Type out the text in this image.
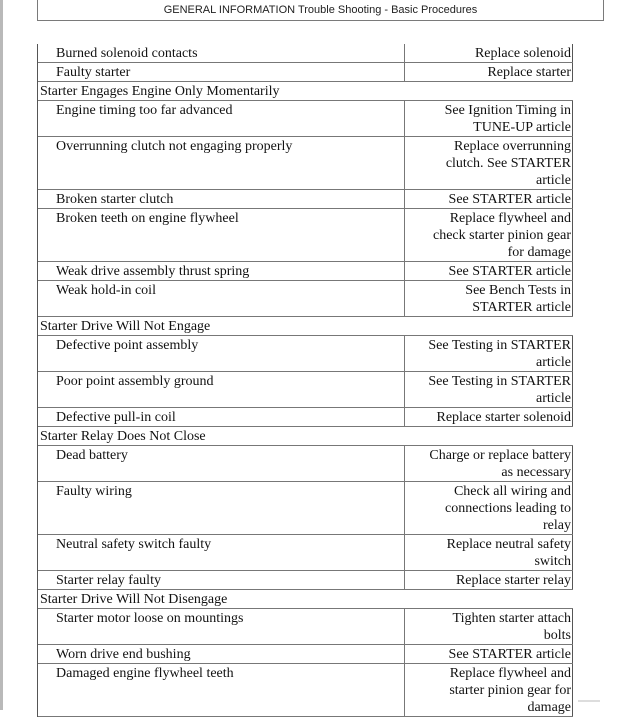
GENERAL INFORMATION Trouble Shooting - Basic Procedures
Burned solenoid contacts	Replace solenoid
Faulty starter	Replace starter
Starter Engages Engine Only Momentarily
Engine timing too far advanced	See Ignition Timing in
TUNE-UP article
Overrunning clutch not engaging properly	Replace overrunning
clutch. See STARTER
article
Broken starter clutch	See STARTER article
Broken teeth on engine flywheel	Replace flywheel and
check starter pinion gear
for damage
Weak drive assembly thrust spring	See STARTER article
Weak hold-in coil	See Bench Tests in
STARTER article
Starter Drive Will Not Engage
Defective point assembly	See Testing in STARTER
article
Poor point assembly ground	See Testing in STARTER
article
Defective pull-in coil	Replace starter solenoid
Starter Relay Does Not Close
Dead battery	Charge or replace battery
as necessary
Faulty wiring	Check all wiring and
connections leading to
relay
Neutral safety switch faulty	Replace neutral safety
switch
Starter relay faulty	Replace starter relay
Starter Drive Will Not Disengage
Starter motor loose on mountings	Tighten starter attach
bolts
Worn drive end bushing	See STARTER article
Damaged engine flywheel teeth	Replace flywheel and
starter pinion gear for
damage
